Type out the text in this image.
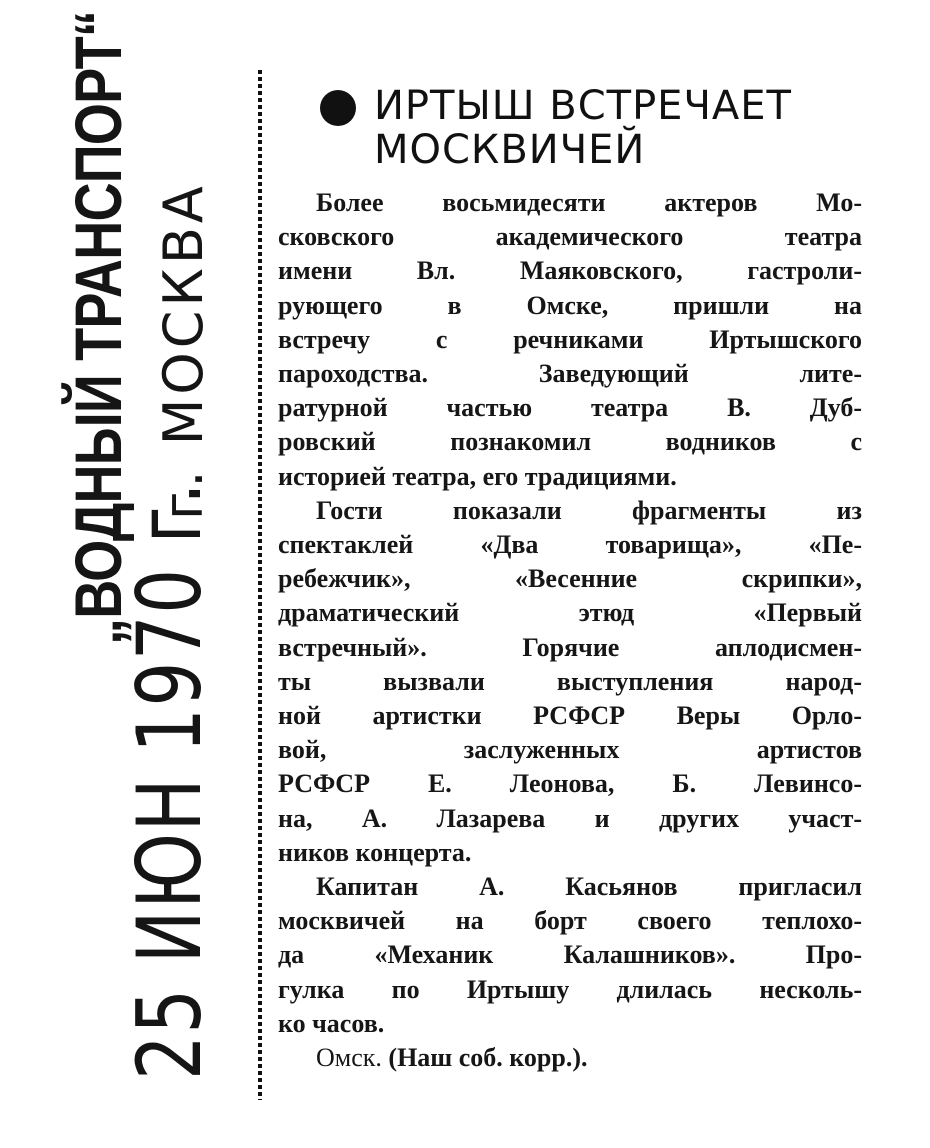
„ВОДНЫЙ ТРАНСПОРТ“ г. МОСКВА
25 ИЮН 1970 г.
ИРТЫШ ВСТРЕЧАЕТ
МОСКВИЧЕЙ

Более восьмидесяти актеров Мо-
сковского академического театра
имени Вл. Маяковского, гастроли-
рующего в Омске, пришли на
встречу с речниками Иртышского
пароходства. Заведующий лите-
ратурной частью театра В. Дуб-
ровский познакомил водников с
историей театра, его традициями.

Гости показали фрагменты из
спектаклей «Два товарища», «Пе-
ребежчик», «Весенние скрипки»,
драматический этюд «Первый
встречный». Горячие аплодисмен-
ты вызвали выступления народ-
ной артистки РСФСР Веры Орло-
вой, заслуженных артистов
РСФСР Е. Леонова, Б. Левинсо-
на, А. Лазарева и других участ-
ников концерта.

Капитан А. Касьянов пригласил
москвичей на борт своего теплохо-
да «Механик Калашников». Про-
гулка по Иртышу длилась несколь-
ко часов.

Омск. (Наш соб. корр.).
